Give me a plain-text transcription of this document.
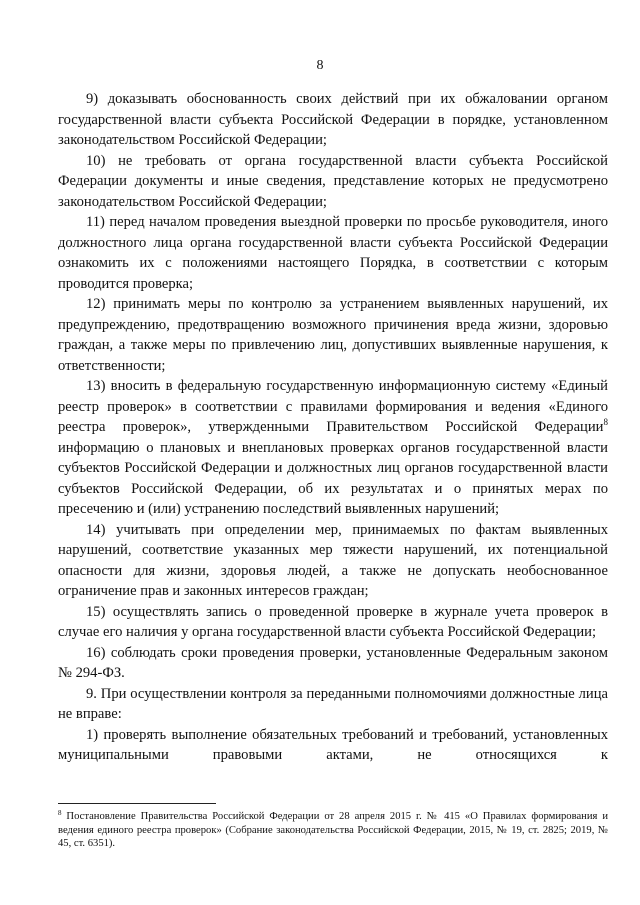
8

9) доказывать обоснованность своих действий при их обжаловании органом государственной власти субъекта Российской Федерации в порядке, установленном законодательством Российской Федерации;

10) не требовать от органа государственной власти субъекта Российской Федерации документы и иные сведения, представление которых не предусмотрено законодательством Российской Федерации;

11) перед началом проведения выездной проверки по просьбе руководителя, иного должностного лица органа государственной власти субъекта Российской Федерации ознакомить их с положениями настоящего Порядка, в соответствии с которым проводится проверка;

12) принимать меры по контролю за устранением выявленных нарушений, их предупреждению, предотвращению возможного причинения вреда жизни, здоровью граждан, а также меры по привлечению лиц, допустивших выявленные нарушения, к ответственности;

13) вносить в федеральную государственную информационную систему «Единый реестр проверок» в соответствии с правилами формирования и ведения «Единого реестра проверок», утвержденными Правительством Российской Федерации$^8$ информацию о плановых и внеплановых проверках органов государственной власти субъектов Российской Федерации и должностных лиц органов государственной власти субъектов Российской Федерации, об их результатах и о принятых мерах по пресечению и (или) устранению последствий выявленных нарушений;

14) учитывать при определении мер, принимаемых по фактам выявленных нарушений, соответствие указанных мер тяжести нарушений, их потенциальной опасности для жизни, здоровья людей, а также не допускать необоснованное ограничение прав и законных интересов граждан;

15) осуществлять запись о проведенной проверке в журнале учета проверок в случае его наличия у органа государственной власти субъекта Российской Федерации;

16) соблюдать сроки проведения проверки, установленные Федеральным законом № 294-ФЗ.

9. При осуществлении контроля за переданными полномочиями должностные лица не вправе:

1) проверять выполнение обязательных требований и требований, установленных муниципальными правовыми актами, не относящихся к

$^8$ Постановление Правительства Российской Федерации от 28 апреля 2015 г. № 415 «О Правилах формирования и ведения единого реестра проверок» (Собрание законодательства Российской Федерации, 2015, № 19, ст. 2825; 2019, № 45, ст. 6351).
